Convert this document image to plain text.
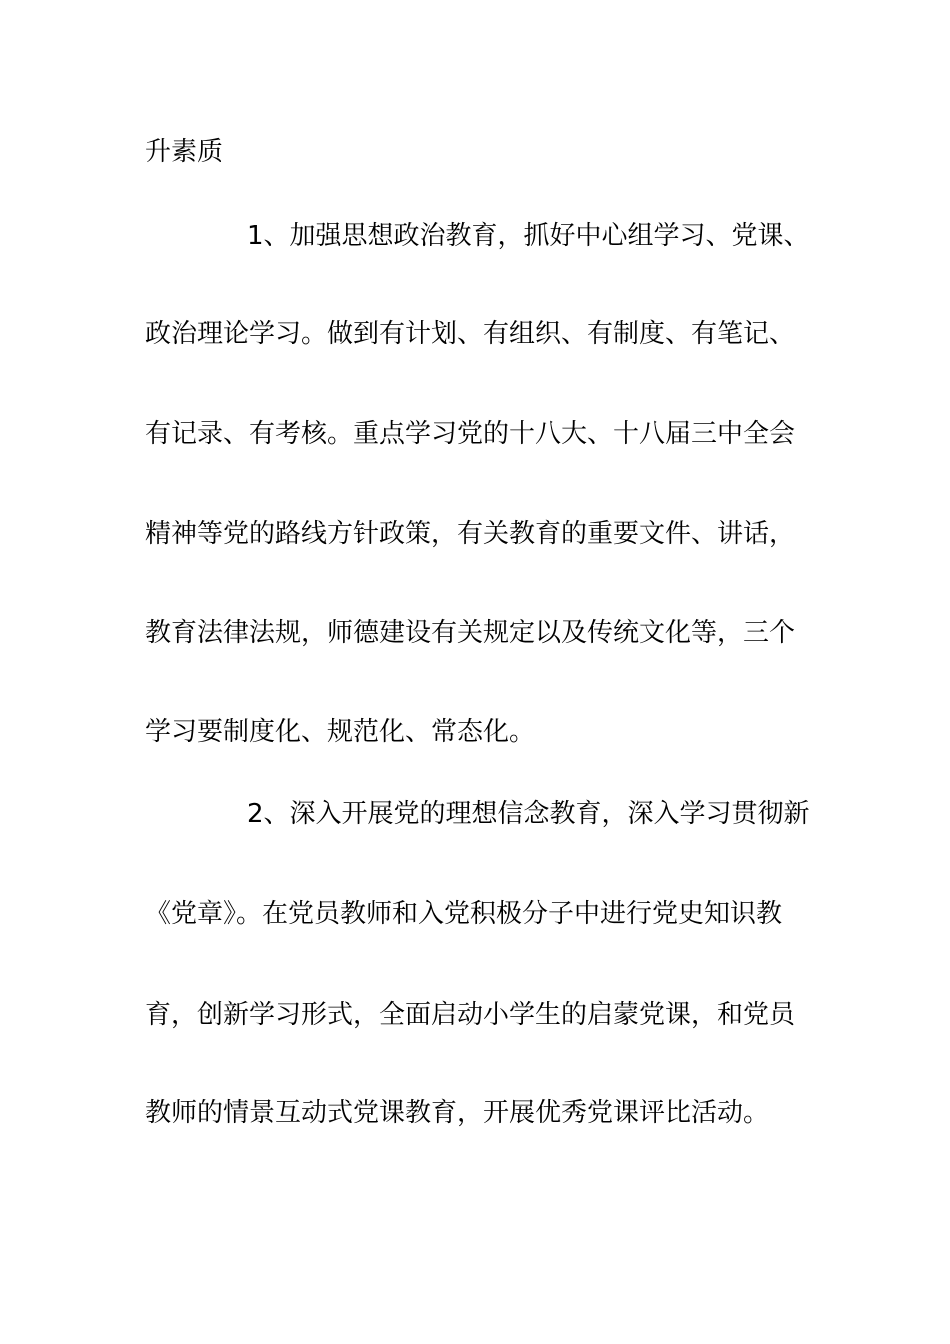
升素质
1、加强思想政治教育，抓好中心组学习、党课、
政治理论学习。做到有计划、有组织、有制度、有笔记、
有记录、有考核。重点学习党的十八大、十八届三中全会
精神等党的路线方针政策，有关教育的重要文件、讲话，
教育法律法规，师德建设有关规定以及传统文化等，三个
学习要制度化、规范化、常态化。
2、深入开展党的理想信念教育，深入学习贯彻新
《党章》。在党员教师和入党积极分子中进行党史知识教
育，创新学习形式，全面启动小学生的启蒙党课，和党员
教师的情景互动式党课教育，开展优秀党课评比活动。
